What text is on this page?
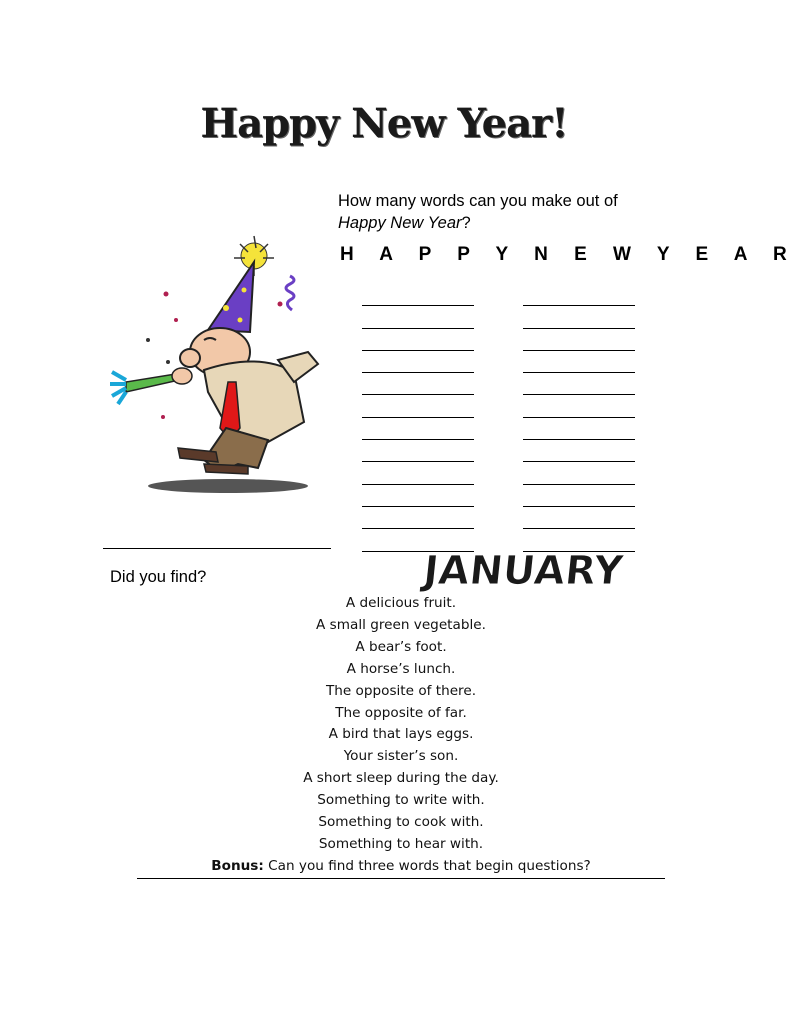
Happy New Year!
How many words can you make out of Happy New Year?
H A P P Y N E W Y E A R
Did you find?	JANUARY
A delicious fruit.
A small green vegetable.
A bear’s foot.
A horse’s lunch.
The opposite of there.
The opposite of far.
A bird that lays eggs.
Your sister’s son.
A short sleep during the day.
Something to write with.
Something to cook with.
Something to hear with.
Bonus: Can you find three words that begin questions?
